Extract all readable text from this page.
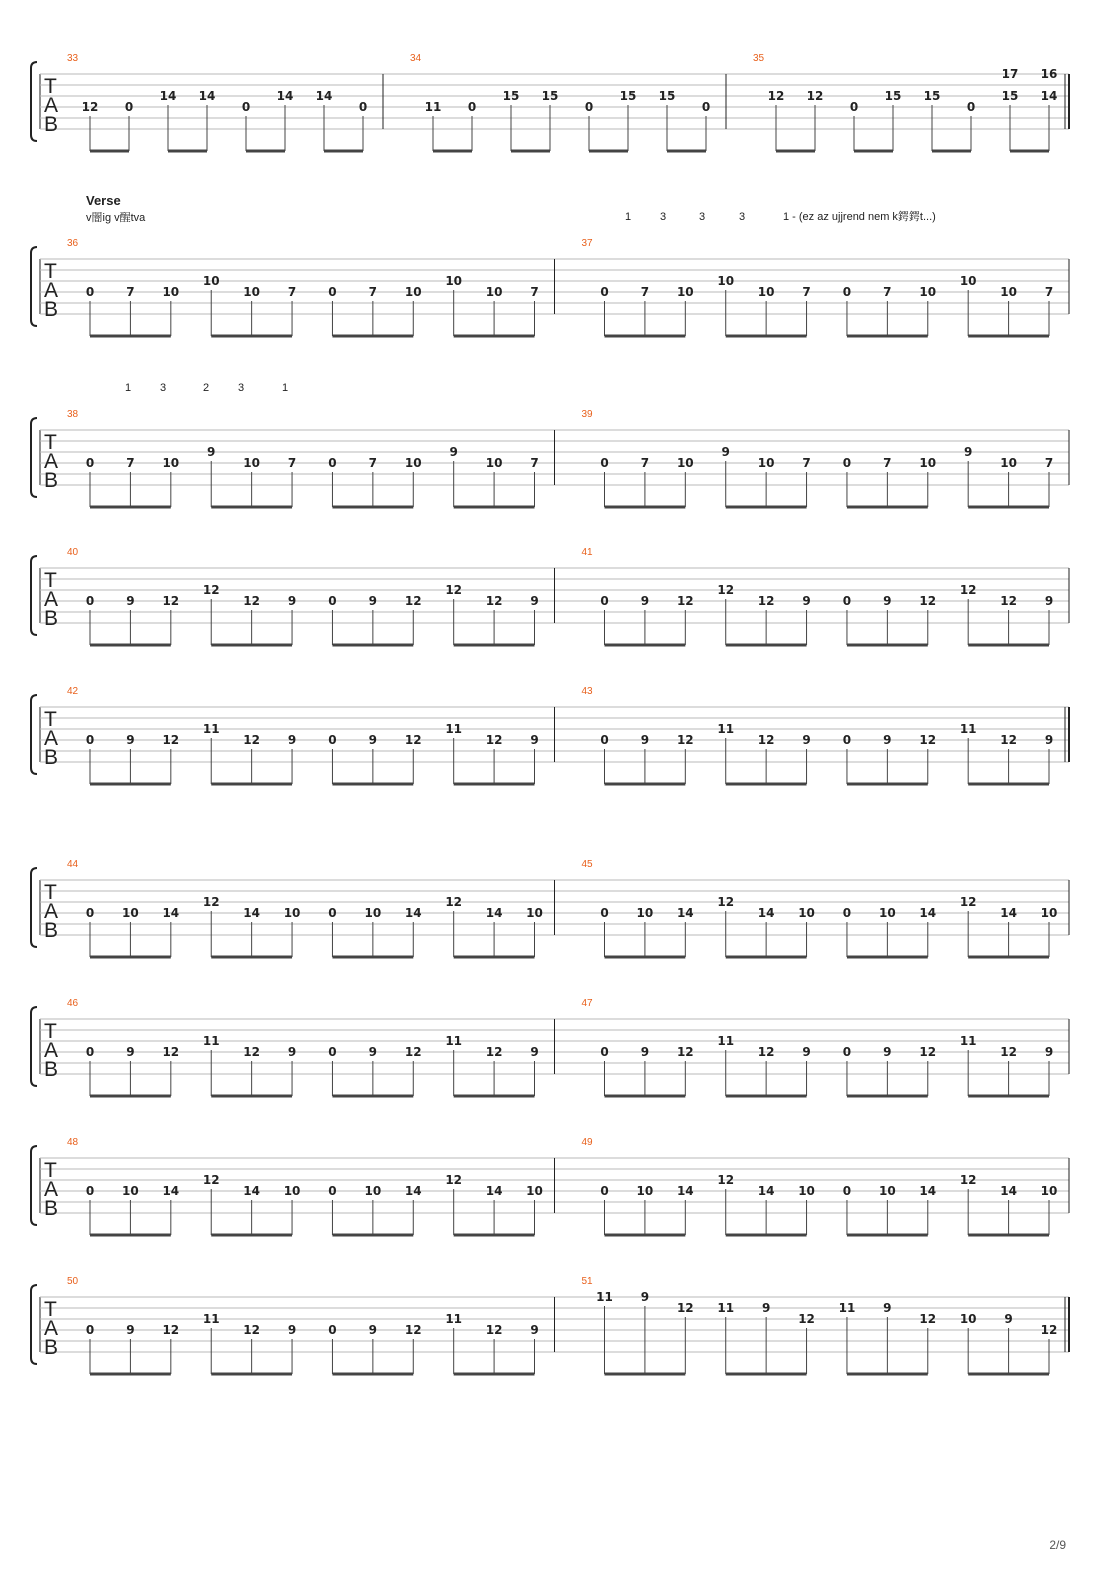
Verse
v闇ig v醒tva
T
A
B
33
12 0
14 14
0
14 14
0
34
11 0
15 15
0
15 15
0
35
12 12
0
15 15
0
15
17
14
16
T
A
B
36
0	7 10
10
10 7	0	7 10
10
10 7
37
0	7 10
10
10 7	0	7 10
10
10 7
T
A
B
38
0	7 10
9
10 7	0	7 10
9
10 7
39
0	7 10
9
10 7	0	7 10
9
10 7
T
A
B
40
0	9 12
12
12 9	0	9 12
12
12 9
41
0	9 12
12
12 9	0	9 12
12
12 9
T
A
B
42
0	9 12
11
12 9	0	9 12
11
12 9
43
0	9 12
11
12 9	0	9 12
11
12 9
T
A
B
44
0 10 14
12
14 10 0 10 14
12
14 10
45
0 10 14
12
14 10 0 10 14
12
14 10
T
A
B
46
0	9 12
11
12 9	0	9 12
11
12 9
47
0	9 12
11
12 9	0	9 12
11
12 9
T
A
B
48
0 10 14
12
14 10 0 10 14
12
14 10
49
0 10 14
12
14 10 0 10 14
12
14 10
T
A
B
50
0	9 12
11
12 9	0	9 12
11
12 9
51
11 9
12 11 9
12
11 9
12 10 9
12
1	3	3	3	1 - (ez az ujjrend nem k鍔鍔t...)
1	3	2	3	1
2/9
